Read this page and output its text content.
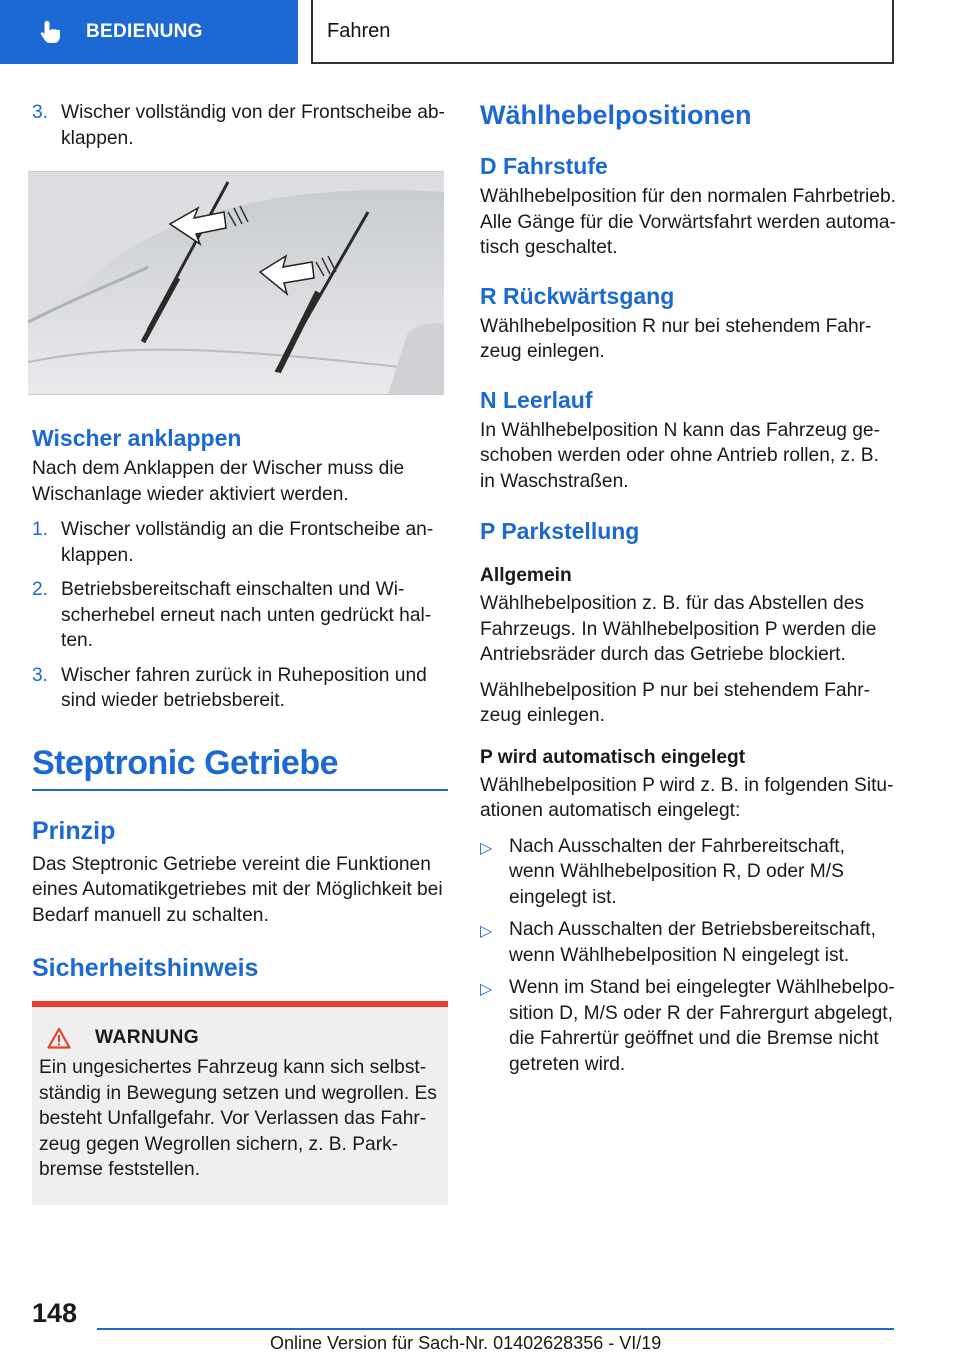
BEDIENUNG	Fahren
3. Wischer vollständig von der Frontscheibe ab-klappen.
Wischer anklappen

Nach dem Anklappen der Wischer muss die Wischanlage wieder aktiviert werden.

1. Wischer vollständig an die Frontscheibe an-klappen.
2. Betriebsbereitschaft einschalten und Wi-scherhebel erneut nach unten gedrückt hal-ten.
3. Wischer fahren zurück in Ruheposition und sind wieder betriebsbereit.
Steptronic Getriebe
Prinzip

Das Steptronic Getriebe vereint die Funktionen eines Automatikgetriebes mit der Möglichkeit bei Bedarf manuell zu schalten.

Sicherheitshinweis
WARNUNG

Ein ungesichertes Fahrzeug kann sich selbst-ständig in Bewegung setzen und wegrollen. Es besteht Unfallgefahr. Vor Verlassen das Fahr-zeug gegen Wegrollen sichern, z. B. Park-bremse feststellen.

Wählhebelpositionen
D Fahrstufe

Wählhebelposition für den normalen Fahrbetrieb. Alle Gänge für die Vorwärtsfahrt werden automa-tisch geschaltet.

R Rückwärtsgang

Wählhebelposition R nur bei stehendem Fahr-zeug einlegen.

N Leerlauf

In Wählhebelposition N kann das Fahrzeug ge-schoben werden oder ohne Antrieb rollen, z. B. in Waschstraßen.

P Parkstellung
Allgemein

Wählhebelposition z. B. für das Abstellen des Fahrzeugs. In Wählhebelposition P werden die Antriebsräder durch das Getriebe blockiert.

Wählhebelposition P nur bei stehendem Fahr-zeug einlegen.

P wird automatisch eingelegt

Wählhebelposition P wird z. B. in folgenden Situ-ationen automatisch eingelegt:

▷ Nach Ausschalten der Fahrbereitschaft, wenn Wählhebelposition R, D oder M/S eingelegt ist.
▷ Nach Ausschalten der Betriebsbereitschaft, wenn Wählhebelposition N eingelegt ist.
▷ Wenn im Stand bei eingelegter Wählhebelpo-sition D, M/S oder R der Fahrergurt abgelegt, die Fahrertür geöffnet und die Bremse nicht getreten wird.
148
Online Version für Sach-Nr. 01402628356 - VI/19
